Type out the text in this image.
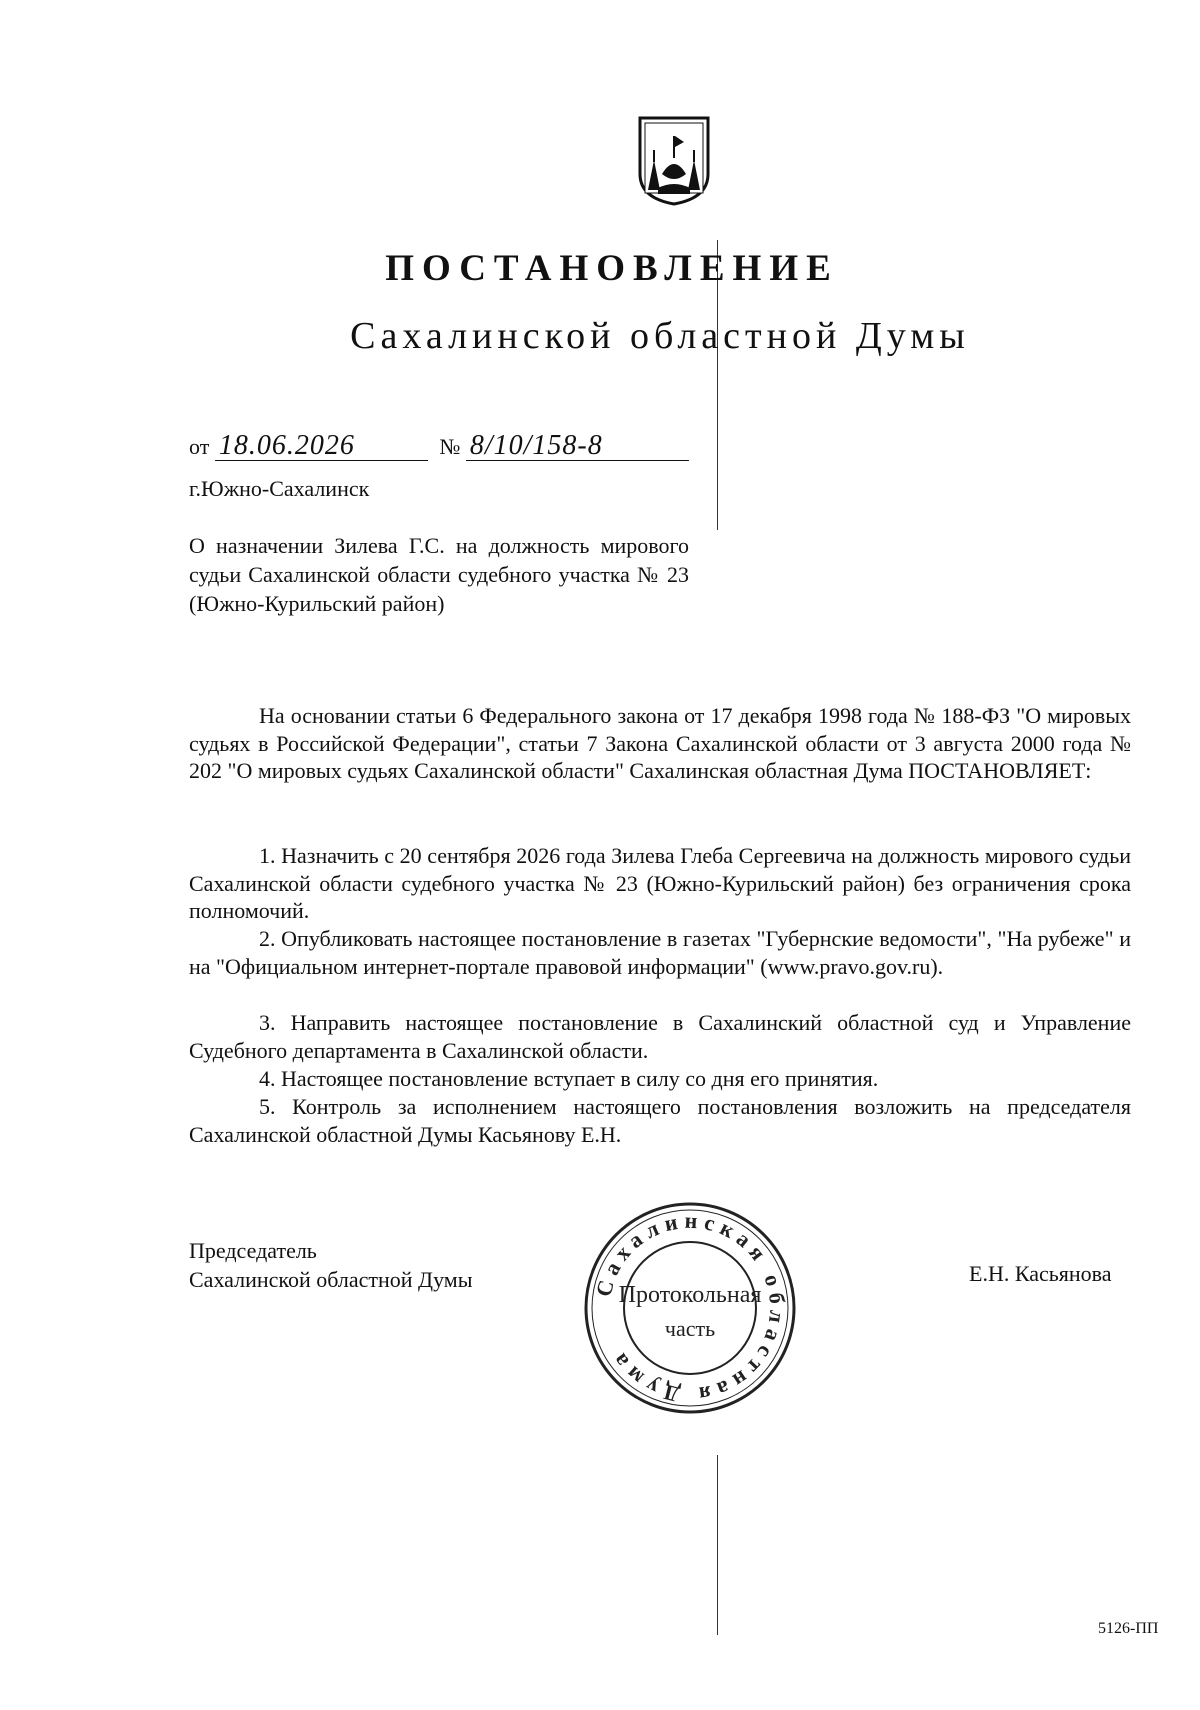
ПОСТАНОВЛЕНИЕ
Сахалинской областной Думы
от 18.06.2026	№ 8/10/158-8
г.Южно-Сахалинск
О назначении Зилева Г.С. на должность мирового судьи Сахалинской области судебного участка № 23 (Южно-Курильский район)
На основании статьи 6 Федерального закона от 17 декабря 1998 года № 188-ФЗ "О мировых судьях в Российской Федерации", статьи 7 Закона Сахалинской области от 3 августа 2000 года № 202 "О мировых судьях Сахалинской области" Сахалинская областная Дума ПОСТАНОВЛЯЕТ:
1. Назначить с 20 сентября 2026 года Зилева Глеба Сергеевича на должность мирового судьи Сахалинской области судебного участка № 23 (Южно-Курильский район) без ограничения срока полномочий.
2. Опубликовать настоящее постановление в газетах "Губернские ведомости", "На рубеже" и на "Официальном интернет-портале правовой информации" (www.pravo.gov.ru).
3. Направить настоящее постановление в Сахалинский областной суд и Управление Судебного департамента в Сахалинской области.
4. Настоящее постановление вступает в силу со дня его принятия.
5. Контроль за исполнением настоящего постановления возложить на председателя Сахалинской областной Думы Касьянову Е.Н.
Председатель
Сахалинской областной Думы	Е.Н. Касьянова
Сахалинская областная Дума
Протокольная
часть
5126-ПП
